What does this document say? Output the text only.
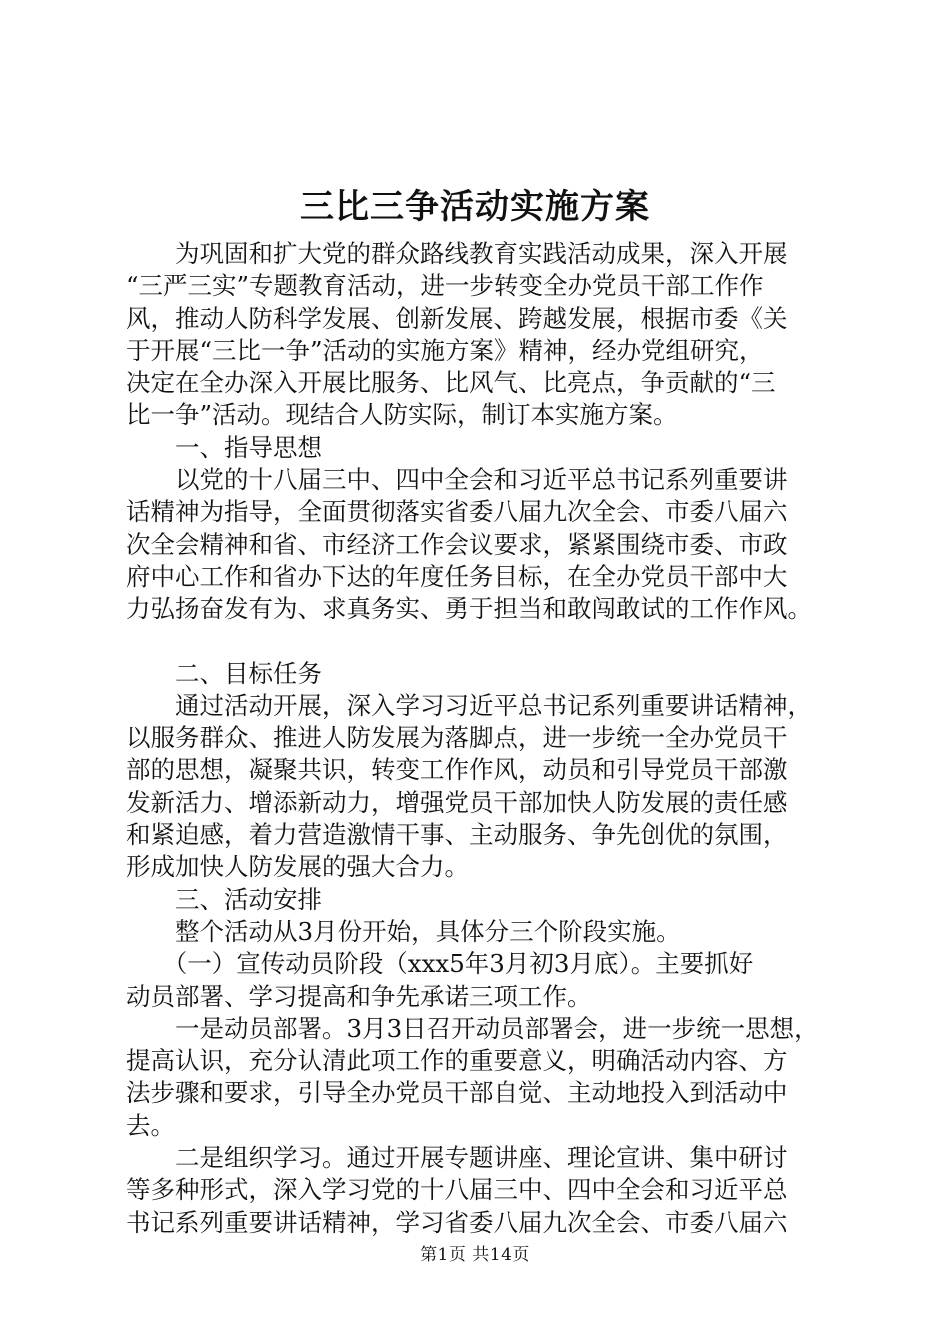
三比三争活动实施方案

　　为巩固和扩大党的群众路线教育实践活动成果，深入开展

“三严三实”专题教育活动，进一步转变全办党员干部工作作

风，推动人防科学发展、创新发展、跨越发展，根据市委《关

于开展“三比一争”活动的实施方案》精神，经办党组研究，

决定在全办深入开展比服务、比风气、比亮点，争贡献的“三

比一争”活动。现结合人防实际，制订本实施方案。

　　一、指导思想

　　以党的十八届三中、四中全会和习近平总书记系列重要讲

话精神为指导，全面贯彻落实省委八届九次全会、市委八届六

次全会精神和省、市经济工作会议要求，紧紧围绕市委、市政

府中心工作和省办下达的年度任务目标，在全办党员干部中大

力弘扬奋发有为、求真务实、勇于担当和敢闯敢试的工作作风。

　　二、目标任务

　　通过活动开展，深入学习习近平总书记系列重要讲话精神，

以服务群众、推进人防发展为落脚点，进一步统一全办党员干

部的思想，凝聚共识，转变工作作风，动员和引导党员干部激

发新活力、增添新动力，增强党员干部加快人防发展的责任感

和紧迫感，着力营造激情干事、主动服务、争先创优的氛围，

形成加快人防发展的强大合力。

　　三、活动安排

　　整个活动从3月份开始，具体分三个阶段实施。

　　（一）宣传动员阶段（xxx5年3月初3月底）。主要抓好

动员部署、学习提高和争先承诺三项工作。

　　一是动员部署。3月3日召开动员部署会，进一步统一思想，

提高认识，充分认清此项工作的重要意义，明确活动内容、方

法步骤和要求，引导全办党员干部自觉、主动地投入到活动中

去。

　　二是组织学习。通过开展专题讲座、理论宣讲、集中研讨

等多种形式，深入学习党的十八届三中、四中全会和习近平总

书记系列重要讲话精神，学习省委八届九次全会、市委八届六

第1页 共14页
